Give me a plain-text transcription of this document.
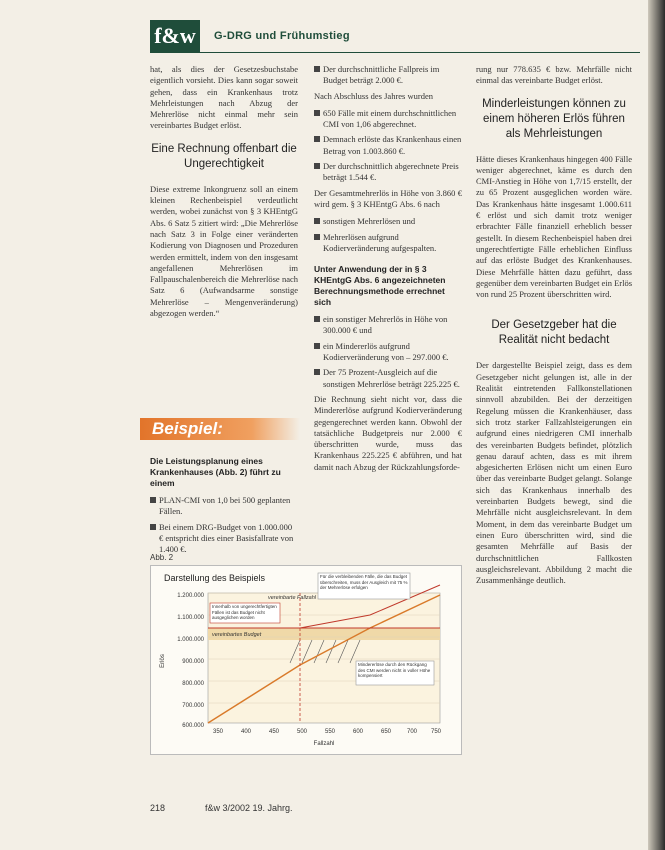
f&w	G-DRG und Frühumstieg

hat, als dies der Gesetzesbuchstabe eigentlich vorsieht. Dies kann sogar soweit gehen, dass ein Krankenhaus trotz Mehrleistungen nach Abzug der Mehrerlöse nicht einmal mehr sein vereinbartes Budget erlöst.

Eine Rechnung offenbart die Ungerechtigkeit

Diese extreme Inkongruenz soll an einem kleinen Rechenbeispiel verdeutlicht werden, wobei zunächst von § 3 KHEntgG Abs. 6 Satz 5 zitiert wird: „Die Mehrerlöse nach Satz 3 in Folge einer veränderten Kodierung von Diagnosen und Prozeduren werden ermittelt, indem von den insgesamt angefallenen Mehrerlösen im Fallpauschalenbereich die Mehrerlöse nach Satz 6 (Aufwandsarme sonstige Mehrerlöse – Mengenveränderung) abgezogen werden.“

Beispiel:
Die Leistungsplanung eines Krankenhauses (Abb. 2) führt zu einem
PLAN-CMI von 1,0 bei 500 geplanten Fällen.
Bei einem DRG-Budget von 1.000.000 € entspricht dies einer Basisfallrate von 1.400 €.
Der durchschnittliche Fallpreis im Budget beträgt 2.000 €.

Nach Abschluss des Jahres wurden

650 Fälle mit einem durchschnittlichen CMI von 1,06 abgerechnet.
Demnach erlöste das Krankenhaus einen Betrag von 1.003.860 €.
Der durchschnittlich abgerechnete Preis beträgt 1.544 €.

Der Gesamtmehrerlös in Höhe von 3.860 € wird gem. § 3 KHEntgG Abs. 6 nach

sonstigen Mehrerlösen und
Mehrerlösen aufgrund Kodierveränderung aufgespalten.
Unter Anwendung der in § 3 KHEntgG Abs. 6 angezeichneten Berechnungsmethode errechnet sich
ein sonstiger Mehrerlös in Höhe von 300.000 € und
ein Mindererlös aufgrund Kodierveränderung von – 297.000 €.
Der 75 Prozent-Ausgleich auf die sonstigen Mehrerlöse beträgt 225.225 €.

Die Rechnung sieht nicht vor, dass die Mindererlöse aufgrund Kodierveränderung gegengerechnet werden kann. Obwohl der tatsächliche Budgetpreis nur 2.000 € überschritten wurde, muss das Krankenhaus 225.225 € abführen, und hat damit nach Abzug der Rückzahlungsforde-

rung nur 778.635 € bzw. Mehrfälle nicht einmal das vereinbarte Budget erlöst.

Minderleistungen können zu einem höheren Erlös führen als Mehrleistungen

Hätte dieses Krankenhaus hingegen 400 Fälle weniger abgerechnet, käme es durch den CMI-Anstieg in Höhe von 1,7/15 erstellt, der zu 65 Prozent ausgeglichen worden wäre. Das Krankenhaus hätte insgesamt 1.000.611 € erlöst und sich damit trotz weniger erbrachter Fälle finanziell erheblich besser gestellt. In diesem Rechenbeispiel haben drei ungerechtfertigte Fälle erheblichen Einfluss auf das erlöste Budget des Krankenhauses. Diese Mehrfälle hätten dazu geführt, dass gegenüber dem vereinbarten Budget ein Erlös von rund 25 Prozent überschritten wird.

Der Gesetzgeber hat die Realität nicht bedacht

Der dargestellte Beispiel zeigt, dass es dem Gesetzgeber nicht gelungen ist, alle in der Realität eintretenden Fallkonstellationen sinnvoll abzubilden. Bei der derzeitigen Regelung müssen die Krankenhäuser, dass sich trotz starker Fallzahlsteigerungen ein aufgrund eines niedrigeren CMI innerhalb des vereinbarten Budgets befindet, plötzlich genau darauf achten, dass es mit ihrem abgesicherten Erlösen nicht um einen Euro über das vereinbarte Budget gelangt. Solange sich das Krankenhaus innerhalb des vereinbarten Budgets bewegt, sind die Mehrfälle nicht ausgleichsrelevant. In dem Moment, in dem das vereinbarte Budget um einen Euro überschritten wird, sind die gesamten Mehrfälle auf Basis der durchschnittlichen Fallkosten ausgleichsrelevant. Abbildung 2 macht die Zusammenhänge deutlich.

Abb. 2
Darstellung des Beispiels
1.200.000
1.100.000
1.000.000
900.000
800.000
700.000
600.000
350	400	450	500	550	600	650	700 750
Fallzahl
Erlös
vereinbarte Fallzahl
vereinbartes Budget
Innerhalb von ungerechtfertigten Fällen ist das Budget nicht ausgeglichen worden
Für die verbleibenden Fälle, die das Budget überschreiten, muss der Ausgleich mit 75 % der Mehrerlöse erfolgen
Mindererlöse durch den Rückgang des CMI werden nicht in voller Höhe kompensiert
218	f&w 3/2002 19. Jahrg.
